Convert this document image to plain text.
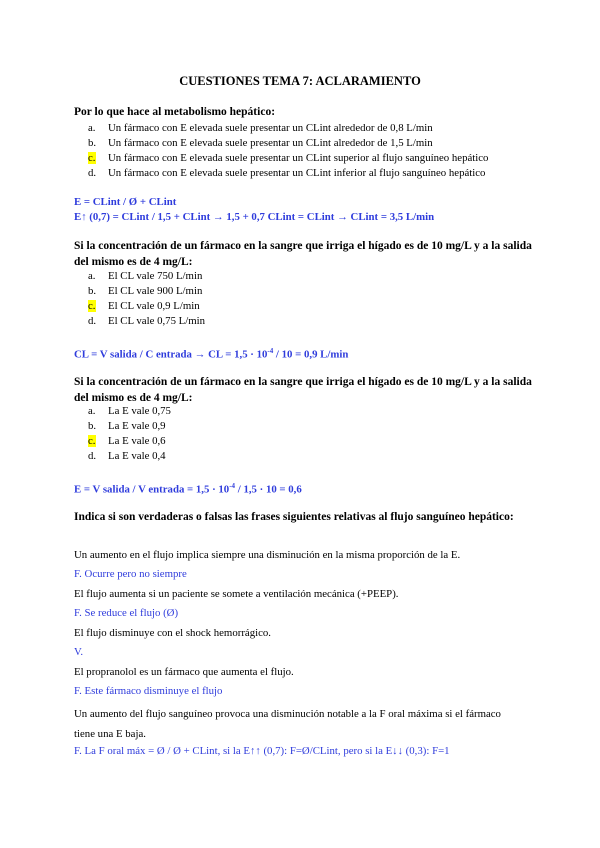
CUESTIONES TEMA 7: ACLARAMIENTO
Por lo que hace al metabolismo hepático:
a. Un fármaco con E elevada suele presentar un CLint alrededor de 0,8 L/min
b. Un fármaco con E elevada suele presentar un CLint alrededor de 1,5 L/min
c. Un fármaco con E elevada suele presentar un CLint superior al flujo sanguíneo hepático
d. Un fármaco con E elevada suele presentar un CLint inferior al flujo sanguíneo hepático
E = CLint / Ø + CLint
E↑ (0,7) = CLint / 1,5 + CLint → 1,5 + 0,7 CLint = CLint → CLint = 3,5 L/min
Si la concentración de un fármaco en la sangre que irriga el hígado es de 10 mg/L y a la salida del mismo es de 4 mg/L:
a. El CL vale 750 L/min
b. El CL vale 900 L/min
c. El CL vale 0,9 L/min
d. El CL vale 0,75 L/min
CL = V salida / C entrada → CL = $1,5 \cdot 10^{-4} / 10 = 0,9$ L/min
Si la concentración de un fármaco en la sangre que irriga el hígado es de 10 mg/L y a la salida del mismo es de 4 mg/L:
a. La E vale 0,75
b. La E vale 0,9
c. La E vale 0,6
d. La E vale 0,4
E = V salida / V entrada = $1,5 \cdot 10^{-4} / 1,5 \cdot 10 = 0,6$
Indica si son verdaderas o falsas las frases siguientes relativas al flujo sanguíneo hepático:
Un aumento en el flujo implica siempre una disminución en la misma proporción de la E.
F. Ocurre pero no siempre
El flujo aumenta si un paciente se somete a ventilación mecánica (+PEEP).
F. Se reduce el flujo (Ø)
El flujo disminuye con el shock hemorrágico.
V.
El propranolol es un fármaco que aumenta el flujo.
F. Este fármaco disminuye el flujo
Un aumento del flujo sanguíneo provoca una disminución notable a la F oral máxima si el fármaco tiene una E baja.
F. La F oral máx = Ø / Ø + CLint, si la E↑↑ (0,7): F=Ø/CLint, pero si la E↓↓ (0,3): F=1
